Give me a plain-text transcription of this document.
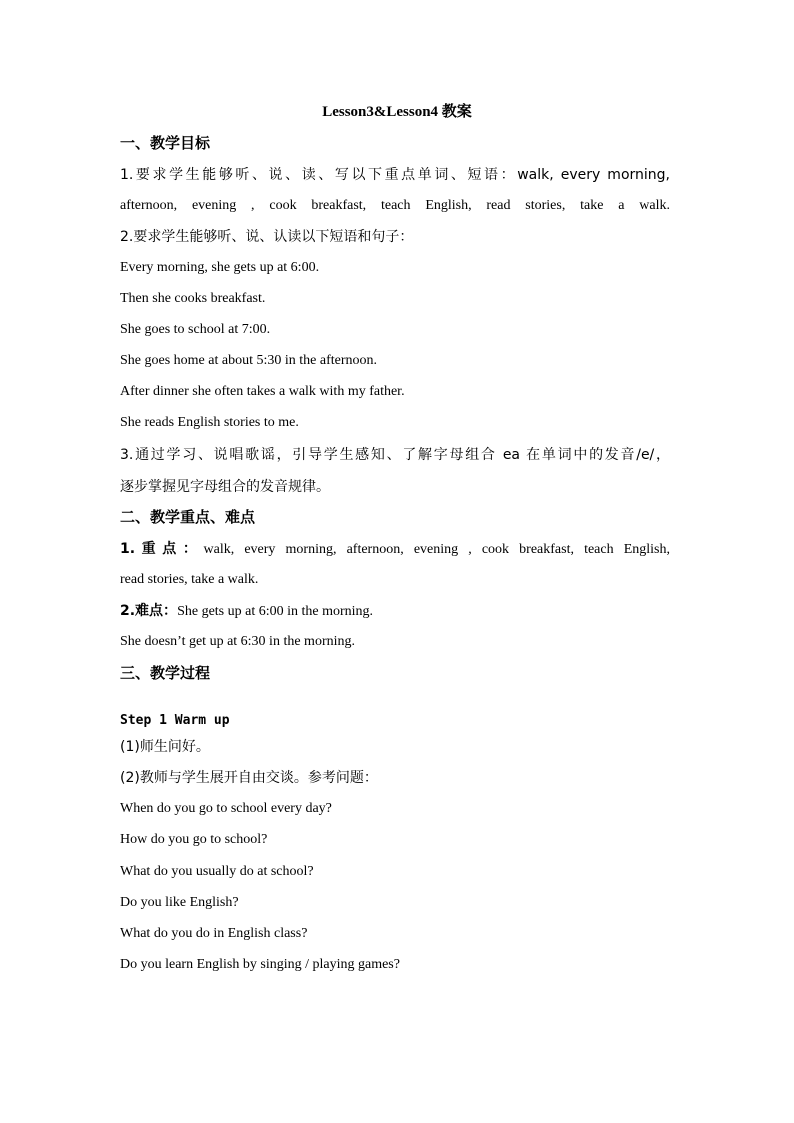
Lesson3&Lesson4 教案
一、教学目标
1.要求学生能够听、说、读、写以下重点单词、短语：walk, every morning,
afternoon, evening , cook breakfast, teach English, read stories, take a walk.
2.要求学生能够听、说、认读以下短语和句子：
Every morning, she gets up at 6:00.
Then she cooks breakfast.
She goes to school at 7:00.
She goes home at about 5:30 in the afternoon.
After dinner she often takes a walk with my father.
She reads English stories to me.
3.通过学习、说唱歌谣，引导学生感知、了解字母组合 ea 在单词中的发音/e/，
逐步掌握见字母组合的发音规律。
二、教学重点、难点
1.重点：walk, every morning, afternoon, evening , cook breakfast, teach English,
read stories, take a walk.
2.难点：She gets up at 6:00 in the morning.
She doesn’t get up at 6:30 in the morning.
三、教学过程
Step 1 Warm up
(1)师生问好。
(2)教师与学生展开自由交谈。参考问题：
When do you go to school every day?
How do you go to school?
What do you usually do at school?
Do you like English?
What do you do in English class?
Do you learn English by singing / playing games?
